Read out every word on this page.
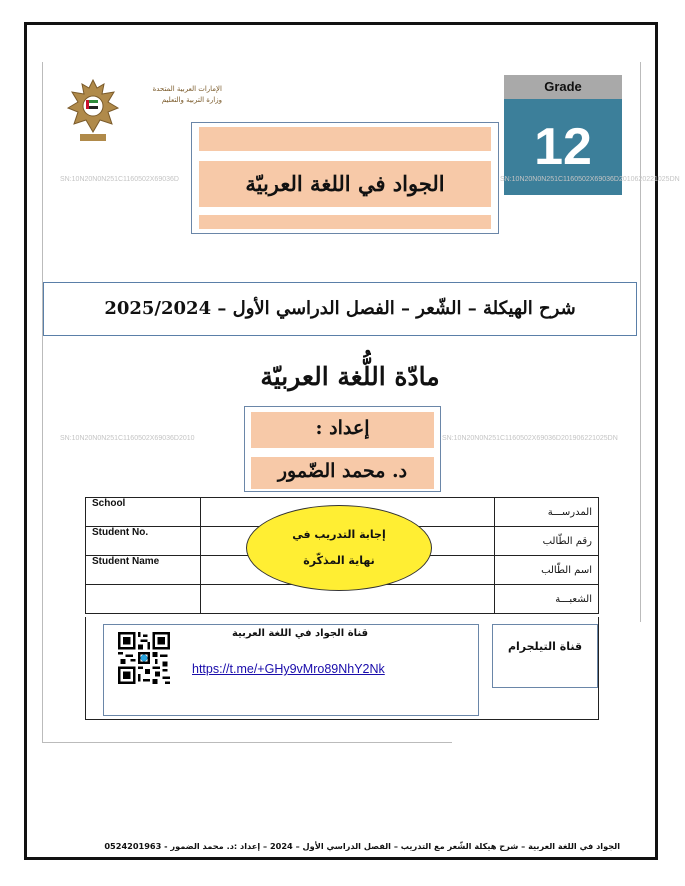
الإمارات العربية المتحدة
وزارة التربية والتعليم
الجواد في اللغة العربيّة
Grade
12
SN:10N20N0N251C1160502X69036D	SN:10N20N0N251C1160502X69036D2010620221025DN
SN:10N20N0N251C1160502X69036D2010	SN:10N20N0N251C1160502X69036D201906221025DN
شرح الهيكلة – الشّعر – الفصل الدراسي الأول – 2025/2024
مادّة اللُّغة العربيّة
إعداد :
د. محمد الضّمور
School		المدرســـة
Student No.		رقم الطّالب
Student Name		اسم الطّالب
		الشعبـــة
إجابة التدريب في
نهاية المذكّرة
قناة الجواد في اللغة العربية
https://t.me/+GHy9vMro89NhY2Nk
قناة التيلجرام
الجواد في اللغة العربية – شرح هيكلة الشّعر مع التدريب – الفصل الدراسي الأول – 2024 – إعداد :د. محمد الضمور - 0524201963
